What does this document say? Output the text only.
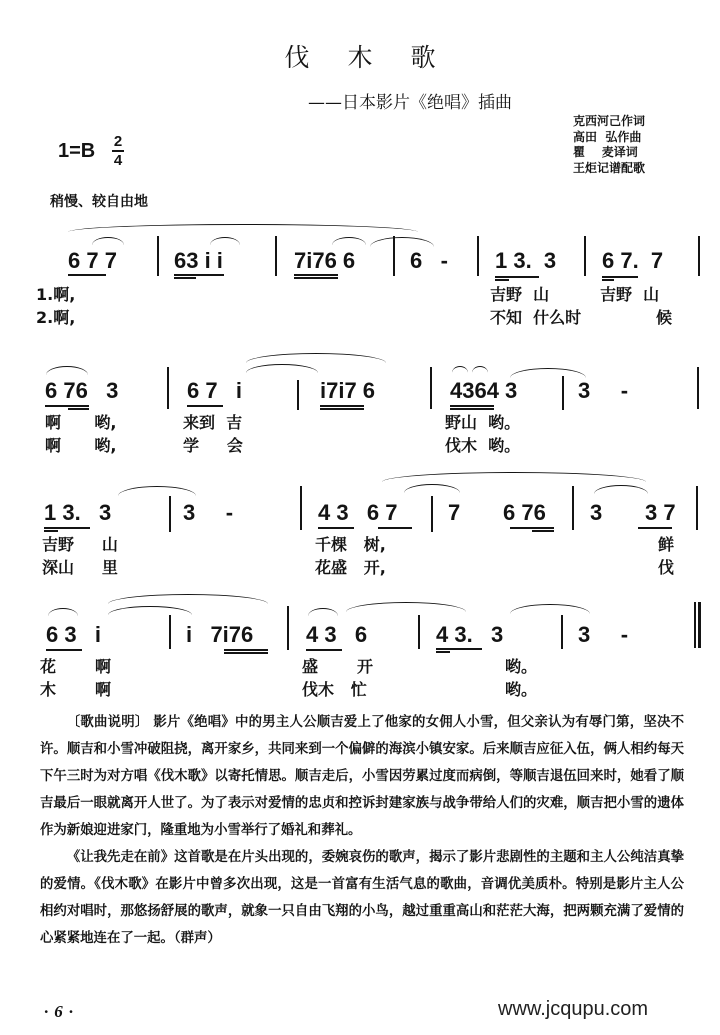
伐木歌
——日本影片《绝唱》插曲
1=B 2
4
克西河己作词
高田  弘作曲
瞿    麦译词
王炬记谱配歌
稍慢、较自由地
6 7 7	63 i i	7i76 6 6   - 1 3.  3 6 7.  7
1.啊,
2.啊,
吉野  山	吉野  山
不知  什么时	候
6 76   3	6 7   i	i7i7 6	4364 3	3     -
啊      哟,
啊      哟,
来到  吉
学     会
野山  哟。
伐木  哟。
1 3.   3	3     -	4 3   6 7 7       6 76 3       3 7
吉野     山
深山     里
千棵   树,
花盛   开,
鲜
伐
6 3   i	i   7i76 4 3   6	4 3.   3	3     -
花       啊
木       啊
盛       开
伐木   忙
哟。
哟。

〔歌曲说明〕 影片《绝唱》中的男主人公顺吉爱上了他家的女佣人小雪，但父亲认为有辱门第，坚决不许。顺吉和小雪冲破阻挠，离开家乡，共同来到一个偏僻的海滨小镇安家。后来顺吉应征入伍，俩人相约每天下午三时为对方唱《伐木歌》以寄托情思。顺吉走后，小雪因劳累过度而病倒，等顺吉退伍回来时，她看了顺吉最后一眼就离开人世了。为了表示对爱情的忠贞和控诉封建家族与战争带给人们的灾难，顺吉把小雪的遗体作为新娘迎进家门，隆重地为小雪举行了婚礼和葬礼。

《让我先走在前》这首歌是在片头出现的，委婉哀伤的歌声，揭示了影片悲剧性的主题和主人公纯洁真挚的爱情。《伐木歌》在影片中曾多次出现，这是一首富有生活气息的歌曲，音调优美质朴。特别是影片主人公相约对唱时，那悠扬舒展的歌声，就象一只自由飞翔的小鸟，越过重重高山和茫茫大海，把两颗充满了爱情的心紧紧地连在了一起。（群声）

·6·	www.jcqupu.com
